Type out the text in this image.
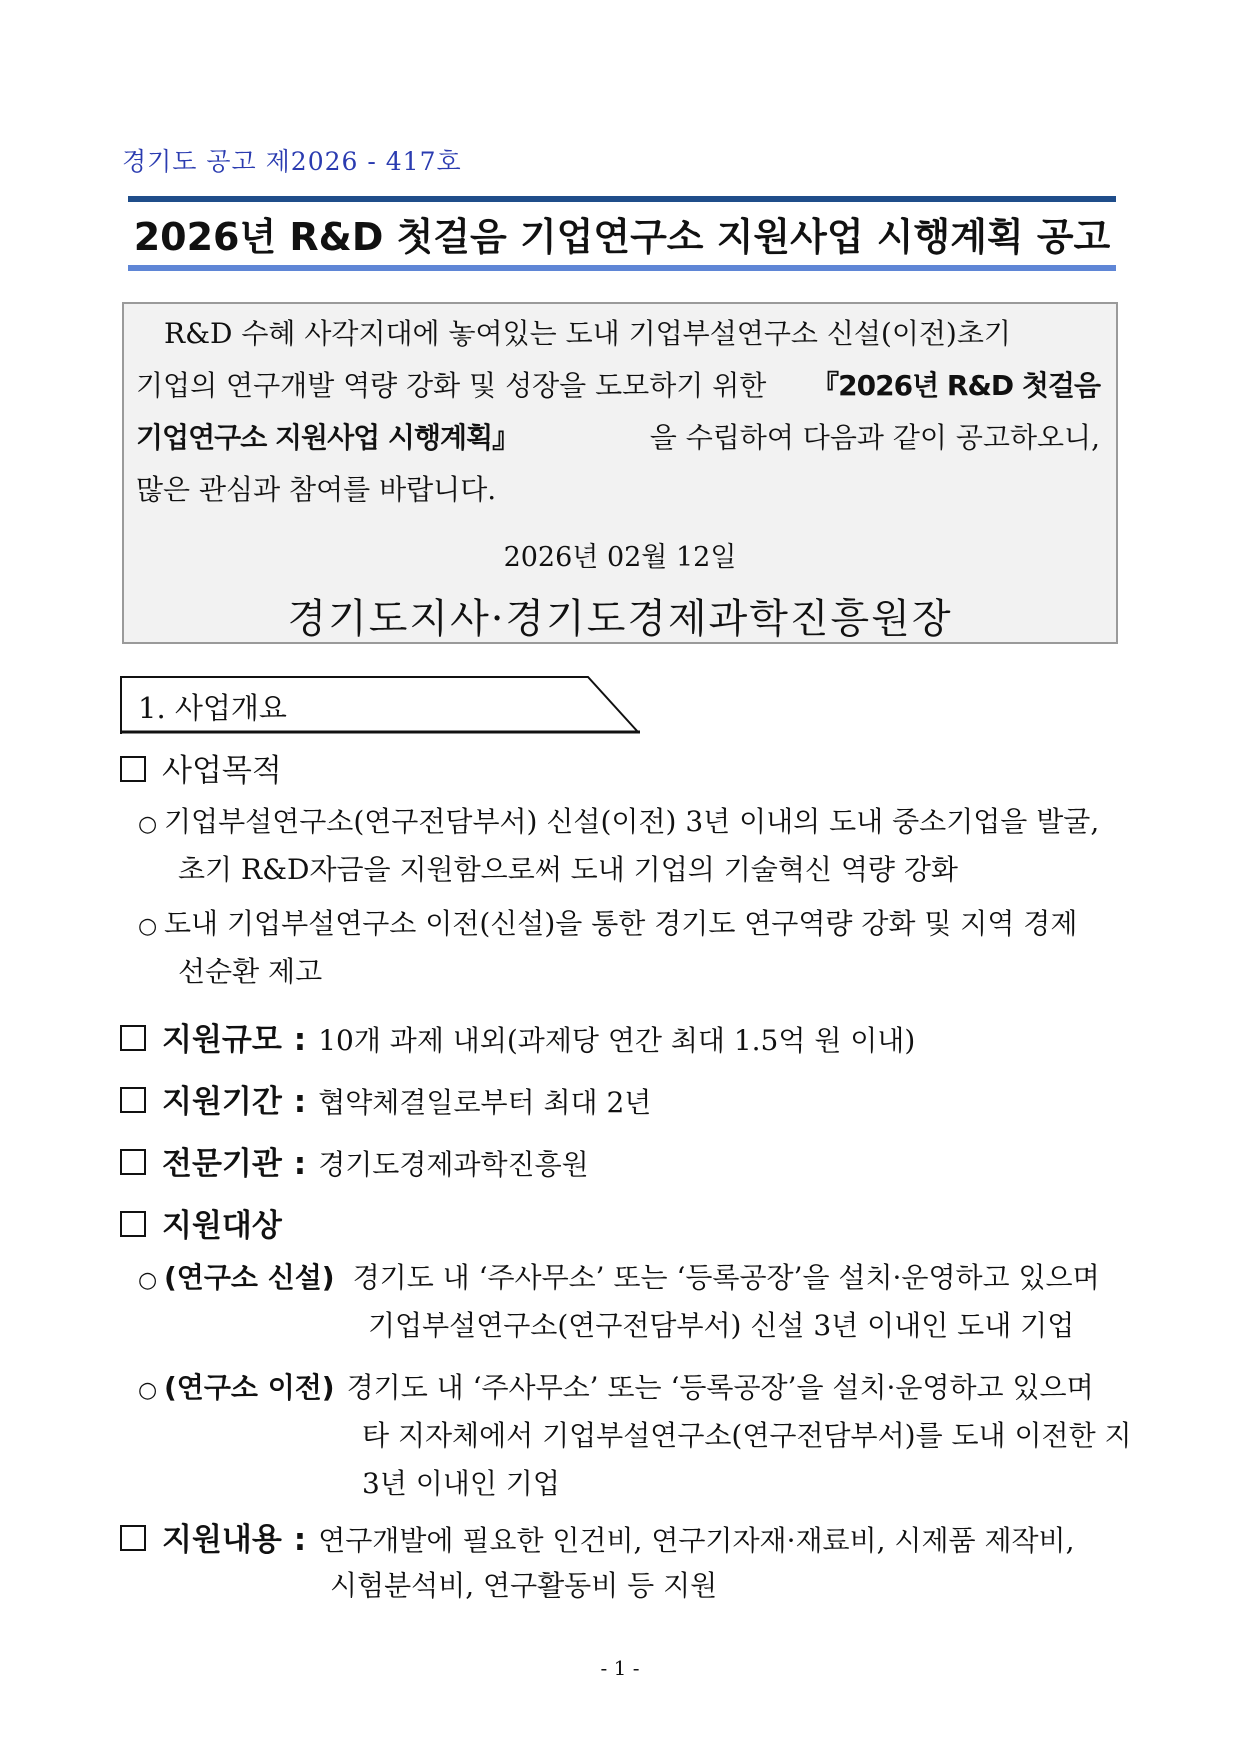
경기도 공고 제2026 - 417호
2026년 R&D 첫걸음 기업연구소 지원사업 시행계획 공고
R&D 수혜 사각지대에 놓여있는 도내 기업부설연구소 신설(이전)초기
기업의 연구개발 역량 강화 및 성장을 도모하기 위한 『2026년 R&D 첫걸음
기업연구소 지원사업 시행계획』	을 수립하여 다음과 같이 공고하오니,
많은 관심과 참여를 바랍니다.
2026년 02월 12일
경기도지사·경기도경제과학진흥원장
1. 사업개요
사업목적
○ 기업부설연구소(연구전담부서) 신설(이전) 3년 이내의 도내 중소기업을 발굴,
초기 R&D자금을 지원함으로써 도내 기업의 기술혁신 역량 강화
○ 도내 기업부설연구소 이전(신설)을 통한 경기도 연구역량 강화 및 지역 경제
선순환 제고
지원규모 : 10개 과제 내외(과제당 연간 최대 1.5억 원 이내)
지원기간 : 협약체결일로부터 최대 2년
전문기관 : 경기도경제과학진흥원
지원대상
○ (연구소 신설) 경기도 내 ‘주사무소’ 또는 ‘등록공장’을 설치·운영하고 있으며
기업부설연구소(연구전담부서) 신설 3년 이내인 도내 기업
○ (연구소 이전) 경기도 내 ‘주사무소’ 또는 ‘등록공장’을 설치·운영하고 있으며
타 지자체에서 기업부설연구소(연구전담부서)를 도내 이전한 지
3년 이내인 기업
지원내용 : 연구개발에 필요한 인건비, 연구기자재·재료비, 시제품 제작비,
시험분석비, 연구활동비 등 지원
- 1 -
